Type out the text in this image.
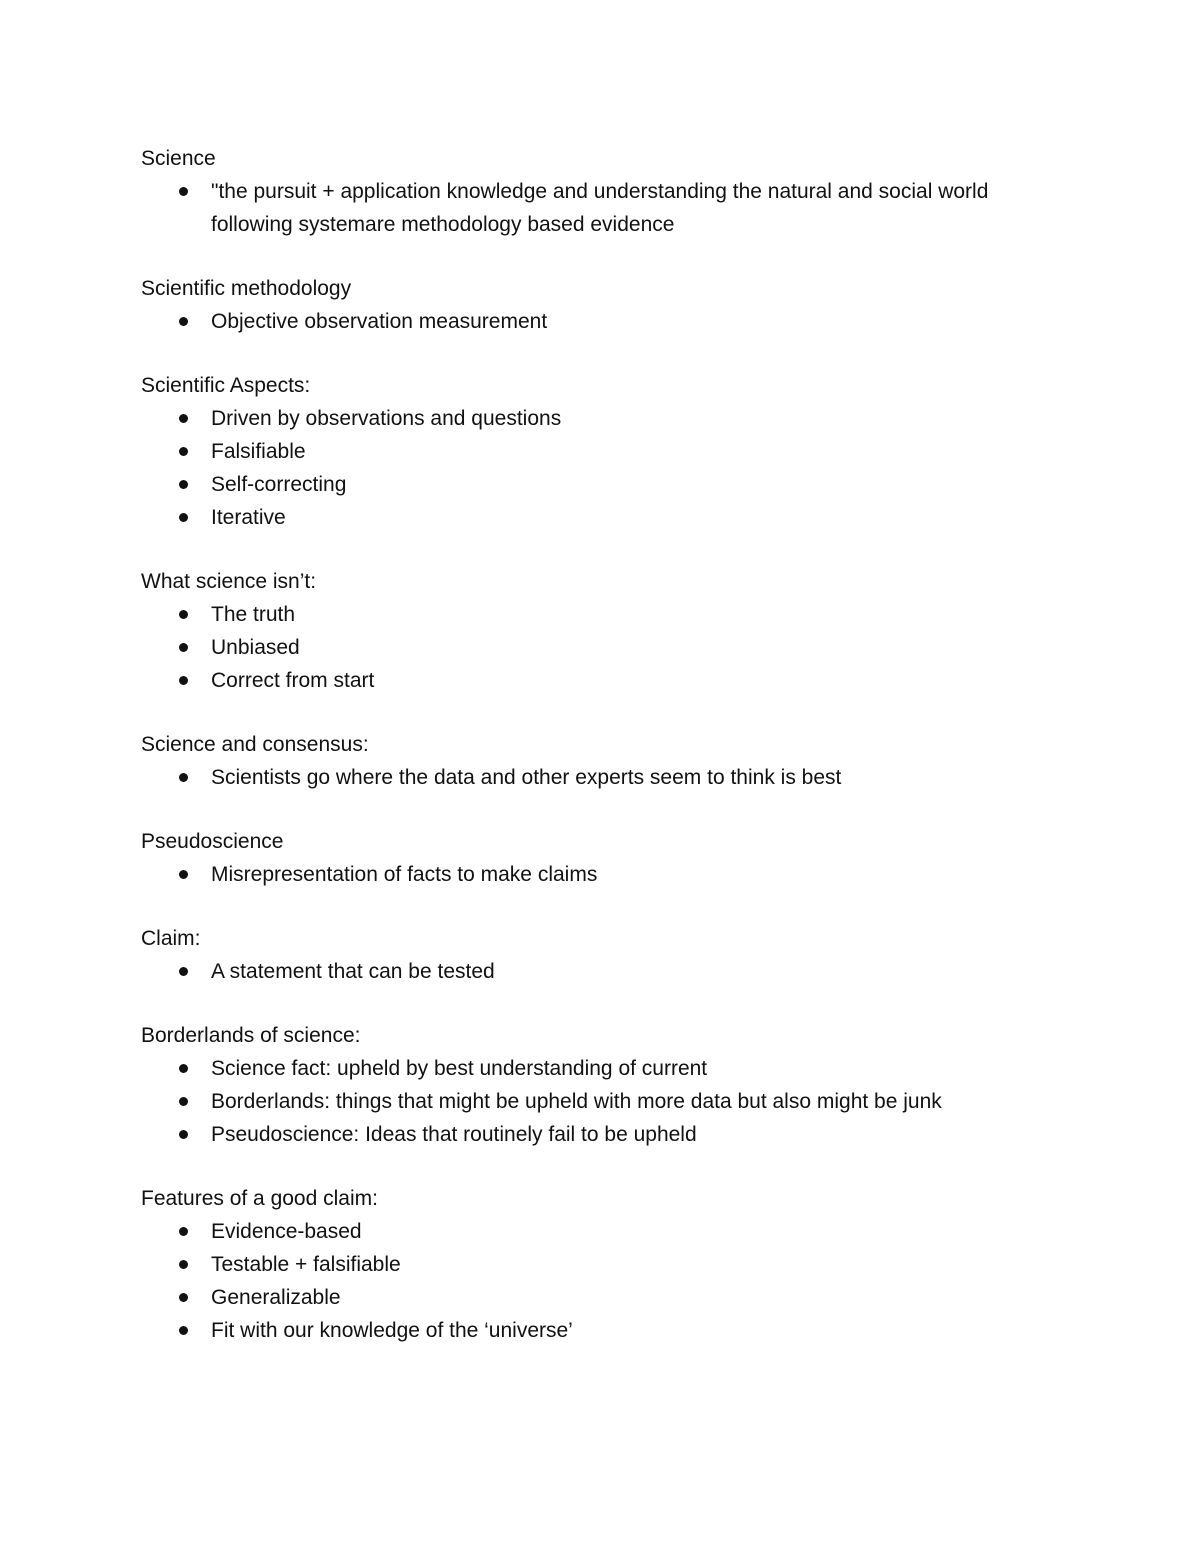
Science
"the pursuit + application knowledge and understanding the natural and social world following systemare methodology based evidence
Scientific methodology
Objective observation measurement
Scientific Aspects:
Driven by observations and questions
Falsifiable
Self-correcting
Iterative
What science isn’t:
The truth
Unbiased
Correct from start
Science and consensus:
Scientists go where the data and other experts seem to think is best
Pseudoscience
Misrepresentation of facts to make claims
Claim:
A statement that can be tested
Borderlands of science:
Science fact: upheld by best understanding of current
Borderlands: things that might be upheld with more data but also might be junk
Pseudoscience: Ideas that routinely fail to be upheld
Features of a good claim:
Evidence-based
Testable + falsifiable
Generalizable
Fit with our knowledge of the ‘universe’
